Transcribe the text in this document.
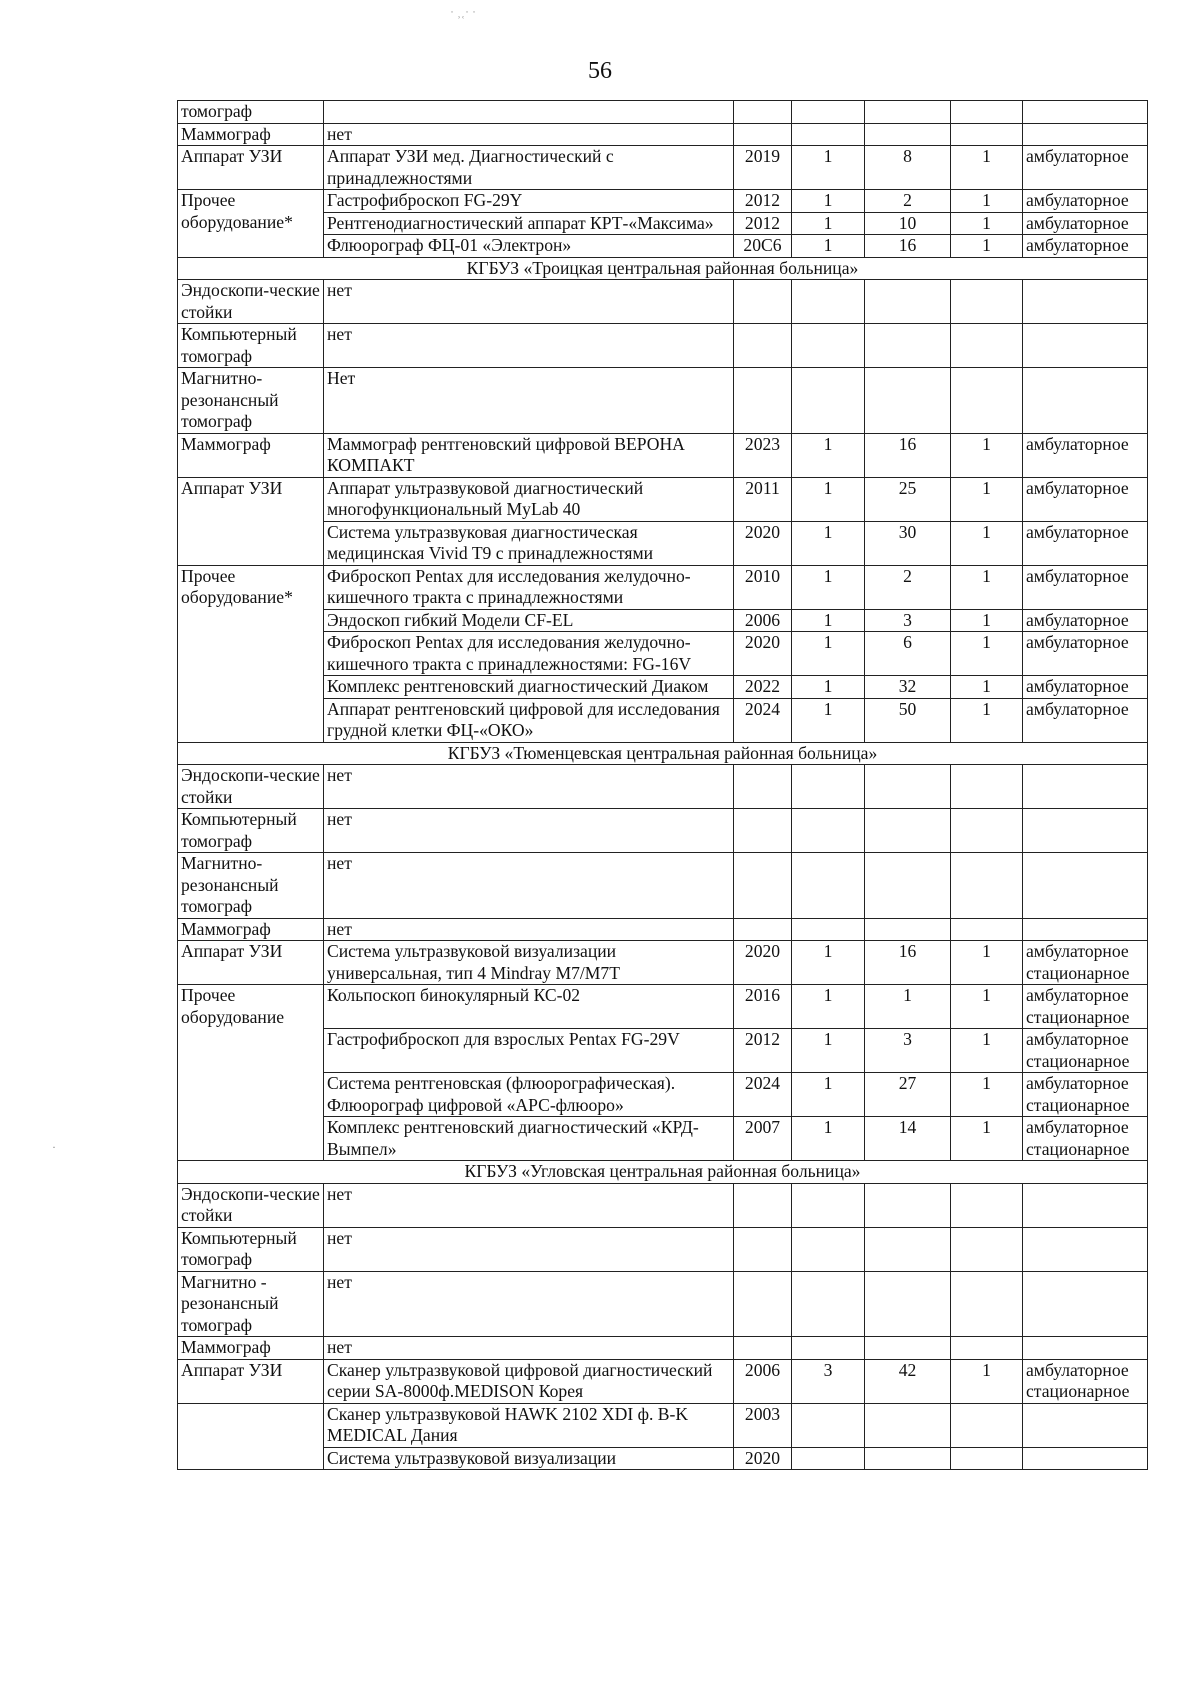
56
˙ ˒˓˙ ˙
·
томограф						
Маммограф	нет					
Аппарат УЗИ	Аппарат УЗИ мед. Диагностический с принадлежностями	2019	1	8	1	амбулаторное
Прочее оборудование*	Гастрофиброскоп FG-29Y	2012	1	2	1	амбулаторное
	Рентгенодиагностический аппарат КРТ-«Максима»	2012	1	10	1	амбулаторное
	Флюорограф ФЦ-01 «Электрон»	20С6	1	16	1	амбулаторное
КГБУЗ «Троицкая центральная районная больница»						
Эндоскопи-ческие стойки	нет					
Компьютерный томограф	нет					
Магнитно-резонансный томограф	Нет					
Маммограф	Маммограф рентгеновский цифровой ВЕРОНА КОМПАКТ	2023	1	16	1	амбулаторное
Аппарат УЗИ	Аппарат ультразвуковой диагностический многофункциональный MyLab 40	2011	1	25	1	амбулаторное
	Система ультразвуковая диагностическая медицинская Vivid T9 с принадлежностями	2020	1	30	1	амбулаторное
Прочее оборудование*	Фиброскоп Pentax для исследования желудочно-кишечного тракта с принадлежностями	2010	1	2	1	амбулаторное
	Эндоскоп гибкий Модели CF-EL	2006	1	3	1	амбулаторное
	Фиброскоп Pentax для исследования желудочно-кишечного тракта с принадлежностями: FG-16V	2020	1	6	1	амбулаторное
	Комплекс рентгеновский диагностический Диаком	2022	1	32	1	амбулаторное
	Аппарат рентгеновский цифровой для исследования грудной клетки ФЦ-«ОКО»	2024	1	50	1	амбулаторное
КГБУЗ «Тюменцевская центральная районная больница»						
Эндоскопи-ческие стойки	нет					
Компьютерный томограф	нет					
Магнитно-резонансный томограф	нет					
Маммограф	нет					
Аппарат УЗИ	Система ультразвуковой визуализации универсальная, тип 4 Mindray M7/M7T	2020	1	16	1	амбулаторное стационарное
Прочее оборудование	Кольпоскоп бинокулярный КС-02	2016	1	1	1	амбулаторное стационарное
	Гастрофиброскоп для взрослых Pentax FG-29V	2012	1	3	1	амбулаторное стационарное
	Система рентгеновская (флюорографическая). Флюорограф цифровой «АРС-флюоро»	2024	1	27	1	амбулаторное стационарное
	Комплекс рентгеновский диагностический «КРД-Вымпел»	2007	1	14	1	амбулаторное стационарное
КГБУЗ «Угловская центральная районная больница»						
Эндоскопи-ческие стойки	нет					
Компьютерный томограф	нет					
Магнитно - резонансный томограф	нет					
Маммограф	нет					
Аппарат УЗИ	Сканер ультразвуковой цифровой диагностический серии SA-8000ф.MEDISON Корея	2006	3	42	1	амбулаторное стационарное
	Сканер ультразвуковой HAWK 2102 XDI ф. B-K MEDICAL Дания	2003				
	Система ультразвуковой визуализации	2020				
